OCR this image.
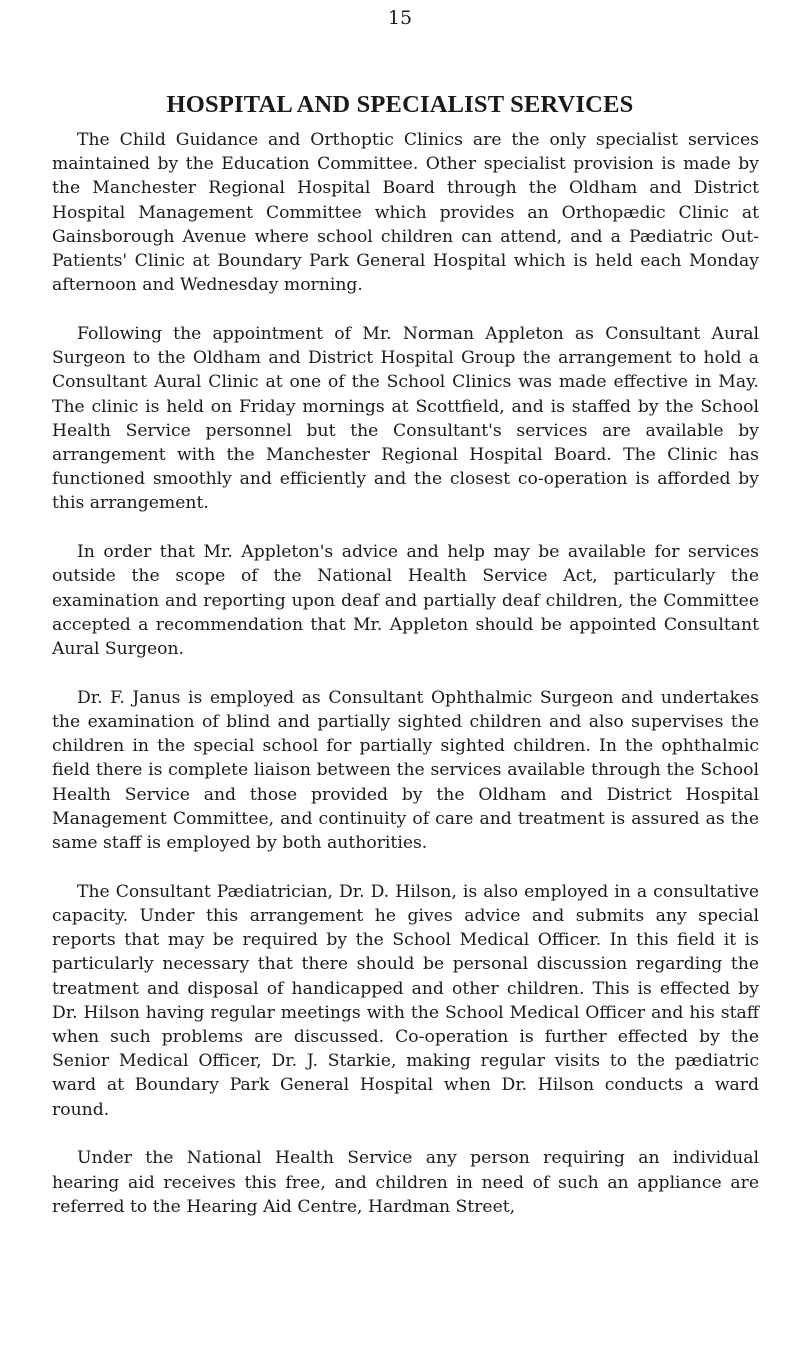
15
HOSPITAL AND SPECIALIST SERVICES

The Child Guidance and Orthoptic Clinics are the only specialist services maintained by the Education Committee. Other specialist provision is made by the Manchester Regional Hospital Board through the Oldham and District Hospital Management Committee which provides an Orthopædic Clinic at Gainsborough Avenue where school children can attend, and a Pædiatric Out-Patients' Clinic at Boundary Park General Hospital which is held each Monday afternoon and Wednesday morning.

Following the appointment of Mr. Norman Appleton as Consultant Aural Surgeon to the Oldham and District Hospital Group the arrangement to hold a Consultant Aural Clinic at one of the School Clinics was made effective in May. The clinic is held on Friday mornings at Scottfield, and is staffed by the School Health Service personnel but the Consultant's services are available by arrangement with the Manchester Regional Hospital Board. The Clinic has functioned smoothly and efficiently and the closest co-operation is afforded by this arrangement.

In order that Mr. Appleton's advice and help may be available for services outside the scope of the National Health Service Act, particularly the examination and reporting upon deaf and partially deaf children, the Committee accepted a recommendation that Mr. Appleton should be appointed Consultant Aural Surgeon.

Dr. F. Janus is employed as Consultant Ophthalmic Surgeon and undertakes the examination of blind and partially sighted children and also supervises the children in the special school for partially sighted children. In the ophthalmic field there is complete liaison between the services available through the School Health Service and those provided by the Oldham and District Hospital Management Committee, and continuity of care and treatment is assured as the same staff is employed by both authorities.

The Consultant Pædiatrician, Dr. D. Hilson, is also employed in a consultative capacity. Under this arrangement he gives advice and submits any special reports that may be required by the School Medical Officer. In this field it is particularly necessary that there should be personal discussion regarding the treatment and disposal of handicapped and other children. This is effected by Dr. Hilson having regular meetings with the School Medical Officer and his staff when such problems are discussed. Co-operation is further effected by the Senior Medical Officer, Dr. J. Starkie, making regular visits to the pædiatric ward at Boundary Park General Hospital when Dr. Hilson conducts a ward round.

Under the National Health Service any person requiring an individual hearing aid receives this free, and children in need of such an appliance are referred to the Hearing Aid Centre, Hardman Street,
